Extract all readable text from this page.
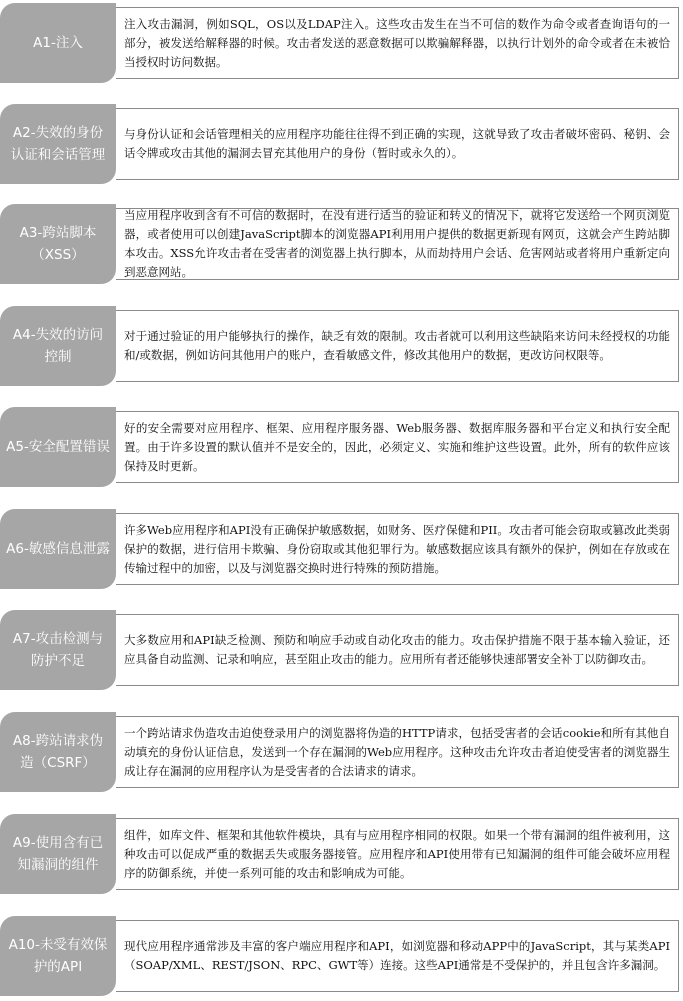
A1-注入
注入攻击漏洞，例如SQL，OS以及LDAP注入。这些攻击发生在当不可信的数作为命令或者查询语句的一部分，被发送给解释器的时候。攻击者发送的恶意数据可以欺骗解释器，以执行计划外的命令或者在未被恰当授权时访问数据。
A2-失效的身份
认证和会话管理
与身份认证和会话管理相关的应用程序功能往往得不到正确的实现，这就导致了攻击者破坏密码、秘钥、会话令牌或攻击其他的漏洞去冒充其他用户的身份（暂时或永久的）。
A3-跨站脚本
（XSS）
当应用程序收到含有不可信的数据时，在没有进行适当的验证和转义的情况下，就将它发送给一个网页浏览器，或者使用可以创建JavaScript脚本的浏览器API利用用户提供的数据更新现有网页，这就会产生跨站脚本攻击。XSS允许攻击者在受害者的浏览器上执行脚本，从而劫持用户会话、危害网站或者将用户重新定向到恶意网站。
A4-失效的访问
控制
对于通过验证的用户能够执行的操作，缺乏有效的限制。攻击者就可以利用这些缺陷来访问未经授权的功能和/或数据，例如访问其他用户的账户，查看敏感文件，修改其他用户的数据，更改访问权限等。
A5-安全配置错误
好的安全需要对应用程序、框架、应用程序服务器、Web服务器、数据库服务器和平台定义和执行安全配置。由于许多设置的默认值并不是安全的，因此，必须定义、实施和维护这些设置。此外，所有的软件应该保持及时更新。
A6-敏感信息泄露
许多Web应用程序和API没有正确保护敏感数据，如财务、医疗保健和PII。攻击者可能会窃取或篡改此类弱保护的数据，进行信用卡欺骗、身份窃取或其他犯罪行为。敏感数据应该具有额外的保护，例如在存放或在传输过程中的加密，以及与浏览器交换时进行特殊的预防措施。
A7-攻击检测与
防护不足
大多数应用和API缺乏检测、预防和响应手动或自动化攻击的能力。攻击保护措施不限于基本输入验证，还应具备自动监测、记录和响应，甚至阻止攻击的能力。应用所有者还能够快速部署安全补丁以防御攻击。
A8-跨站请求伪
造（CSRF）
一个跨站请求伪造攻击迫使登录用户的浏览器将伪造的HTTP请求，包括受害者的会话cookie和所有其他自动填充的身份认证信息，发送到一个存在漏洞的Web应用程序。这种攻击允许攻击者迫使受害者的浏览器生成让存在漏洞的应用程序认为是受害者的合法请求的请求。
A9-使用含有已
知漏洞的组件
组件，如库文件、框架和其他软件模块，具有与应用程序相同的权限。如果一个带有漏洞的组件被利用，这种攻击可以促成严重的数据丢失或服务器接管。应用程序和API使用带有已知漏洞的组件可能会破坏应用程序的防御系统，并使一系列可能的攻击和影响成为可能。
A10-未受有效保
护的API
现代应用程序通常涉及丰富的客户端应用程序和API，如浏览器和移动APP中的JavaScript，其与某类API（SOAP/XML、REST/JSON、RPC、GWT等）连接。这些API通常是不受保护的，并且包含许多漏洞。
